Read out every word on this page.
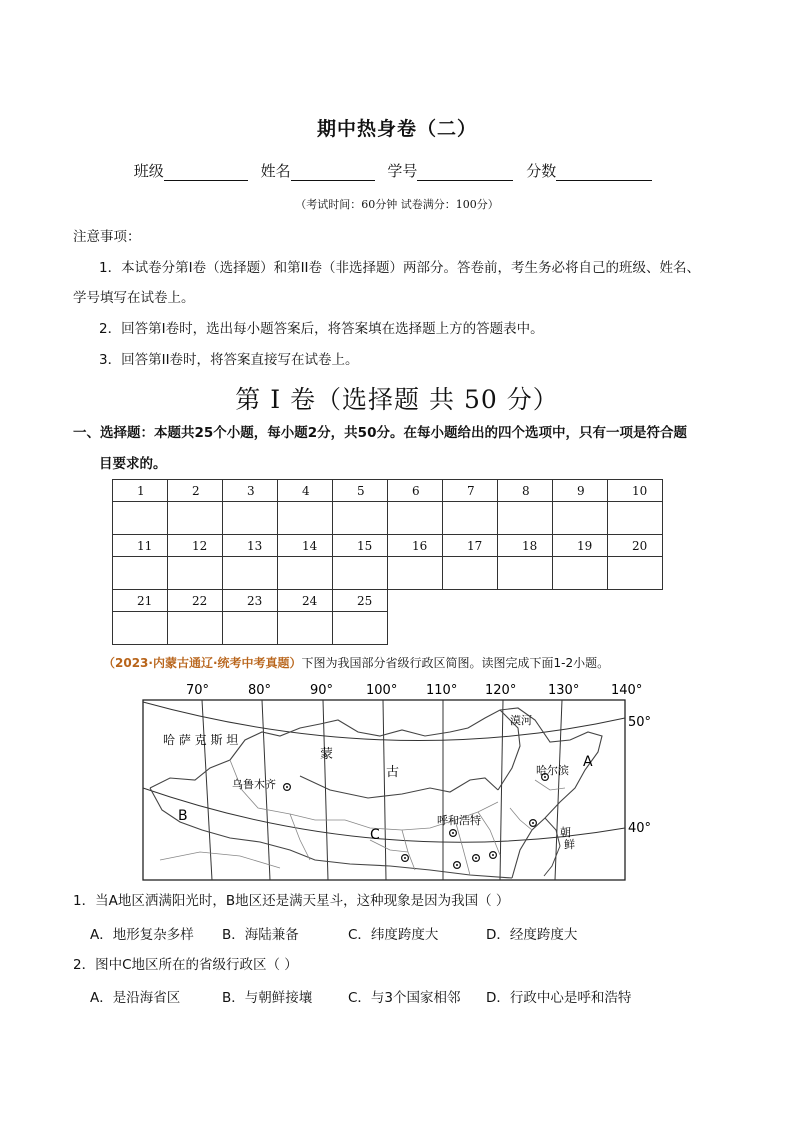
期中热身卷（二）
班级	姓名	学号	分数
（考试时间：60分钟 试卷满分：100分）
注意事项：
1．本试卷分第I卷（选择题）和第II卷（非选择题）两部分。答卷前，考生务必将自己的班级、姓名、
学号填写在试卷上。
2．回答第I卷时，选出每小题答案后，将答案填在选择题上方的答题表中。
3．回答第II卷时，将答案直接写在试卷上。
第 I 卷（选择题 共 50 分）
一、选择题：本题共25个小题，每小题2分，共50分。在每小题给出的四个选项中，只有一项是符合题
目要求的。
1	2	3	4	5	6	7	8	9	10

11	12	13	14	15	16	17	18	19	20

21	22	23	24	25					

（2023·内蒙古通辽·统考中考真题）下图为我国部分省级行政区简图。读图完成下面1-2小题。
70°	80°	90°	100° 110° 120° 130° 140°
哈 萨 克 斯 坦
蒙
古
乌鲁木齐
呼和浩特
哈尔滨
漠河
朝
鲜
A
B
C
50°
40°
1．当A地区洒满阳光时，B地区还是满天星斗，这种现象是因为我国（ ）
A．地形复杂多样 B．海陆兼备	C．纬度跨度大	D．经度跨度大
2．图中C地区所在的省级行政区（ ）
A．是沿海省区	B．与朝鲜接壤	C．与3个国家相邻 D．行政中心是呼和浩特
